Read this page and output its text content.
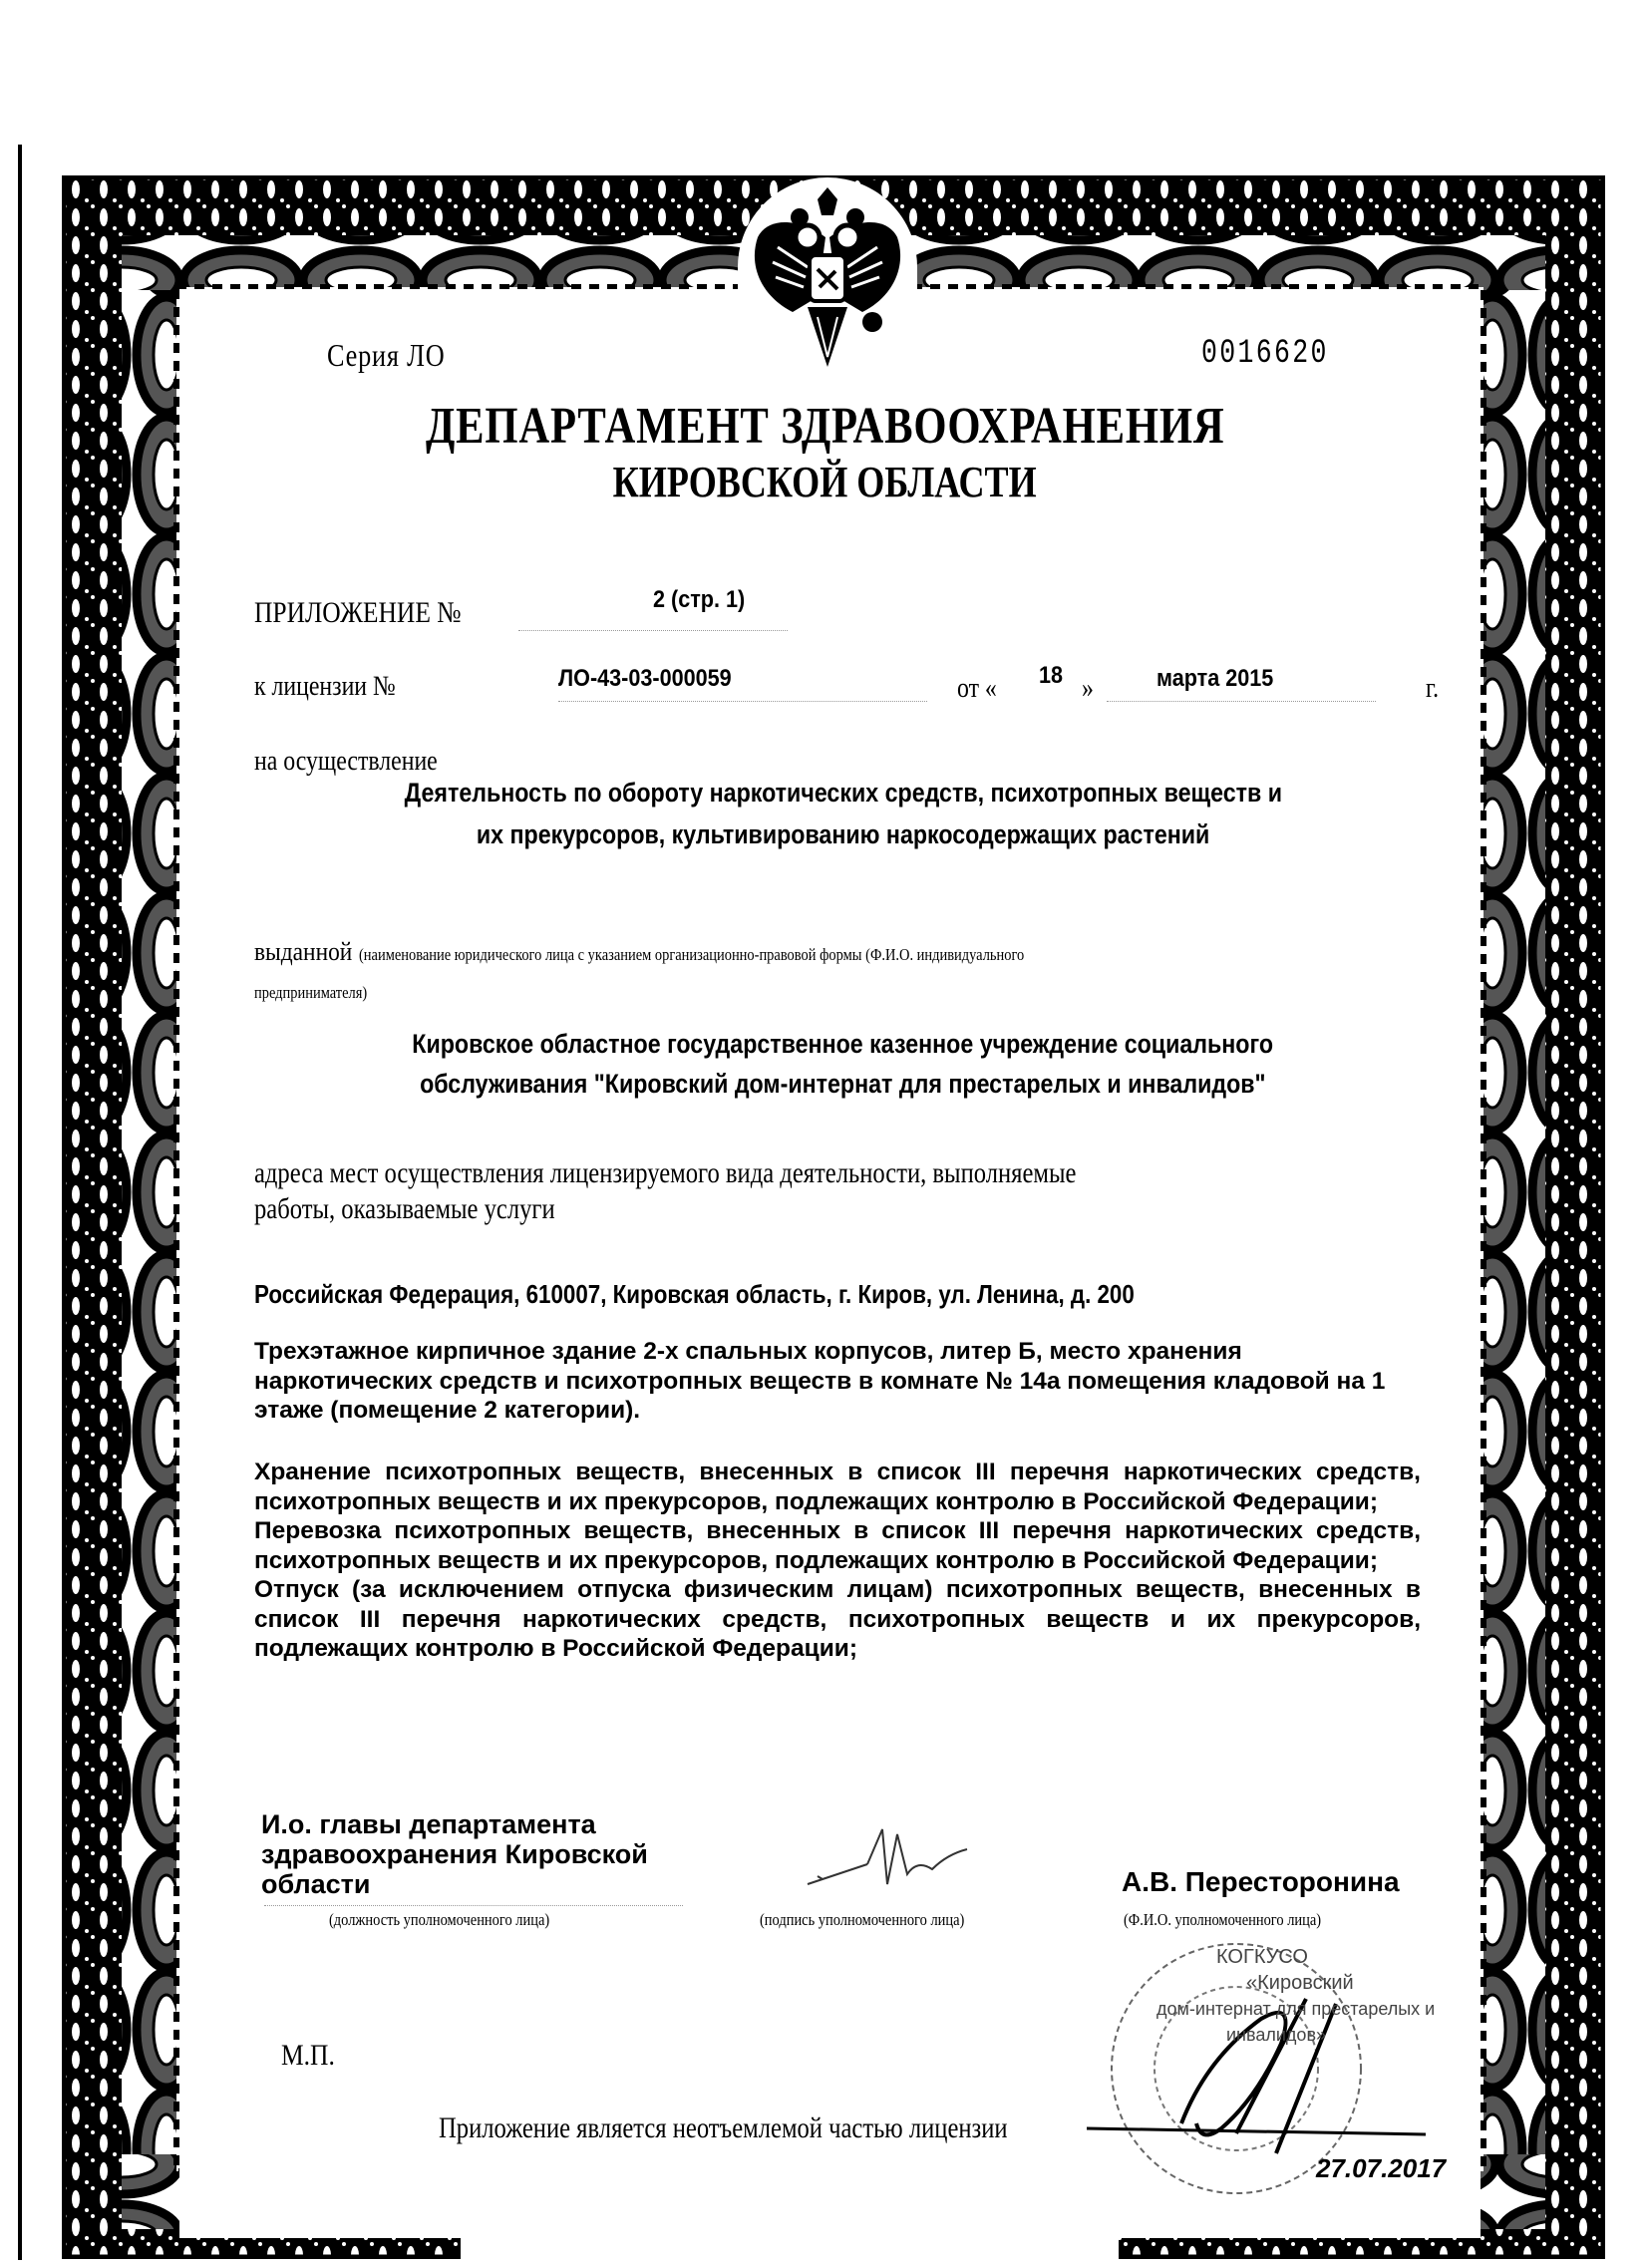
Серия ЛО	0016620
ДЕПАРТАМЕНТ ЗДРАВООХРАНЕНИЯ
КИРОВСКОЙ ОБЛАСТИ
ПРИЛОЖЕНИЕ №	2 (стр. 1)
к лицензии №	ЛО-43-03-000059	от « 18 »	марта 2015	г.
на осуществление
Деятельность по обороту наркотических средств, психотропных веществ и
их прекурсоров, культивированию наркосодержащих растений
выданной (наименование юридического лица с указанием организационно-правовой формы (Ф.И.О. индивидуального
предпринимателя)
Кировское областное государственное казенное учреждение социального
обслуживания "Кировский дом-интернат для престарелых и инвалидов"
адреса мест осуществления лицензируемого вида деятельности, выполняемые
работы, оказываемые услуги
Российская Федерация, 610007, Кировская область, г. Киров, ул. Ленина, д. 200

Трехэтажное кирпичное здание 2-х спальных корпусов, литер Б, место хранения наркотических средств и психотропных веществ в комнате № 14а помещения кладовой на 1 этаже (помещение 2 категории).

Хранение психотропных веществ, внесенных в список III перечня наркотических средств, психотропных веществ и их прекурсоров, подлежащих контролю в Российской Федерации;

Перевозка психотропных веществ, внесенных в список III перечня наркотических средств, психотропных веществ и их прекурсоров, подлежащих контролю в Российской Федерации;

Отпуск (за исключением отпуска физическим лицам) психотропных веществ, внесенных в список III перечня наркотических средств, психотропных веществ и их прекурсоров, подлежащих контролю в Российской Федерации;

И.о. главы департамента
здравоохранения Кировской
области
(должность уполномоченного лица)	(подпись уполномоченного лица)
А.В. Пересторонина
(Ф.И.О. уполномоченного лица)
КОГКУСО
«Кировский
дом-интернат для престарелых и
инвалидов»
27.07.2017
М.П.
Приложение является неотъемлемой частью лицензии
